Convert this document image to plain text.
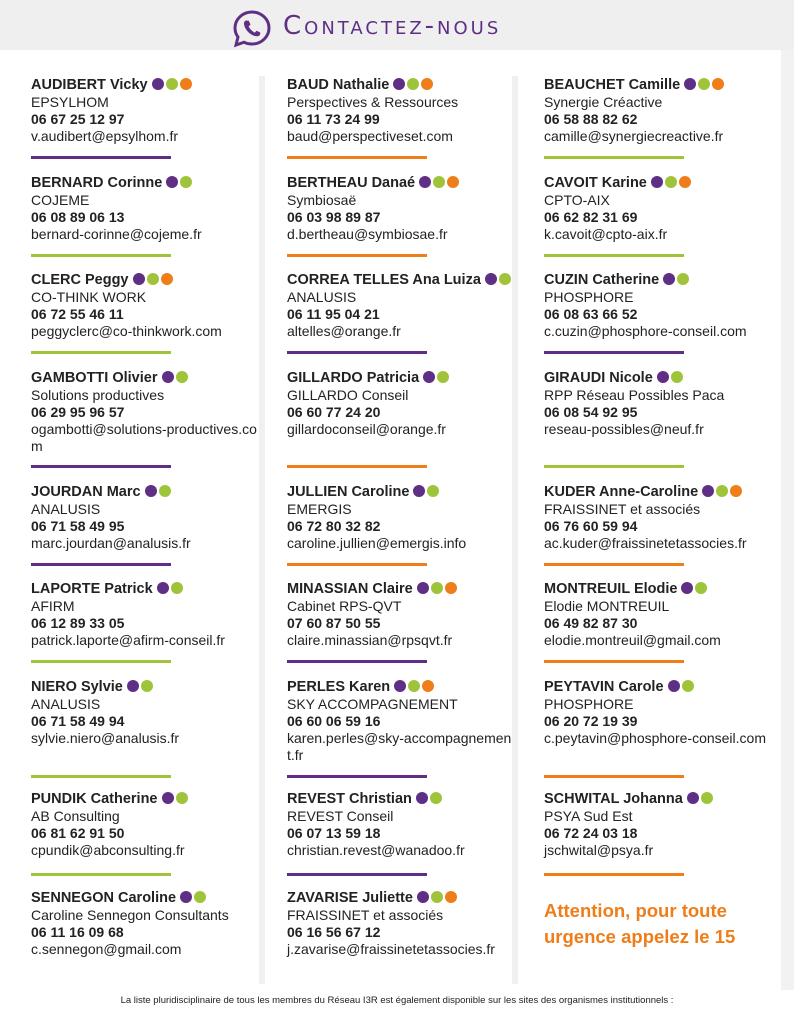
Contactez-nous
AUDIBERT Vicky
EPSYLHOM
06 67 25 12 97
v.audibert@epsylhom.fr
BERNARD Corinne
COJEME
06 08 89 06 13
bernard-corinne@cojeme.fr
CLERC Peggy
CO-THINK WORK
06 72 55 46 11
peggyclerc@co-thinkwork.com
GAMBOTTI Olivier
Solutions productives
06 29 95 96 57
ogambotti@solutions-productives.com
JOURDAN Marc
ANALUSIS
06 71 58 49 95
marc.jourdan@analusis.fr
LAPORTE Patrick
AFIRM
06 12 89 33 05
patrick.laporte@afirm-conseil.fr
NIERO Sylvie
ANALUSIS
06 71 58 49 94
sylvie.niero@analusis.fr
PUNDIK Catherine
AB Consulting
06 81 62 91 50
cpundik@abconsulting.fr
SENNEGON Caroline
Caroline Sennegon Consultants
06 11 16 09 68
c.sennegon@gmail.com
BAUD Nathalie
Perspectives & Ressources
06 11 73 24 99
baud@perspectiveset.com
BERTHEAU Danaé
Symbiosaë
06 03 98 89 87
d.bertheau@symbiosae.fr
CORREA TELLES Ana Luiza
ANALUSIS
06 11 95 04 21
altelles@orange.fr
GILLARDO Patricia
GILLARDO Conseil
06 60 77 24 20
gillardoconseil@orange.fr
JULLIEN Caroline
EMERGIS
06 72 80 32 82
caroline.jullien@emergis.info
MINASSIAN Claire
Cabinet RPS-QVT
07 60 87 50 55
claire.minassian@rpsqvt.fr
PERLES Karen
SKY ACCOMPAGNEMENT
06 60 06 59 16
karen.perles@sky-accompagnement.fr
REVEST Christian
REVEST Conseil
06 07 13 59 18
christian.revest@wanadoo.fr
ZAVARISE Juliette
FRAISSINET et associés
06 16 56 67 12
j.zavarise@fraissinetetassocies.fr
BEAUCHET Camille
Synergie Créactive
06 58 88 82 62
camille@synergiecreactive.fr
CAVOIT Karine
CPTO-AIX
06 62 82 31 69
k.cavoit@cpto-aix.fr
CUZIN Catherine
PHOSPHORE
06 08 63 66 52
c.cuzin@phosphore-conseil.com
GIRAUDI Nicole
RPP Réseau Possibles Paca
06 08 54 92 95
reseau-possibles@neuf.fr
KUDER Anne-Caroline
FRAISSINET et associés
06 76 60 59 94
ac.kuder@fraissinetetassocies.fr
MONTREUIL Elodie
Elodie MONTREUIL
06 49 82 87 30
elodie.montreuil@gmail.com
PEYTAVIN Carole
PHOSPHORE
06 20 72 19 39
c.peytavin@phosphore-conseil.com
SCHWITAL Johanna
PSYA Sud Est
06 72 24 03 18
jschwital@psya.fr
Attention, pour toute urgence appelez le 15
La liste pluridisciplinaire de tous les membres du Réseau I3R est également disponible sur les sites des organismes institutionnels :
